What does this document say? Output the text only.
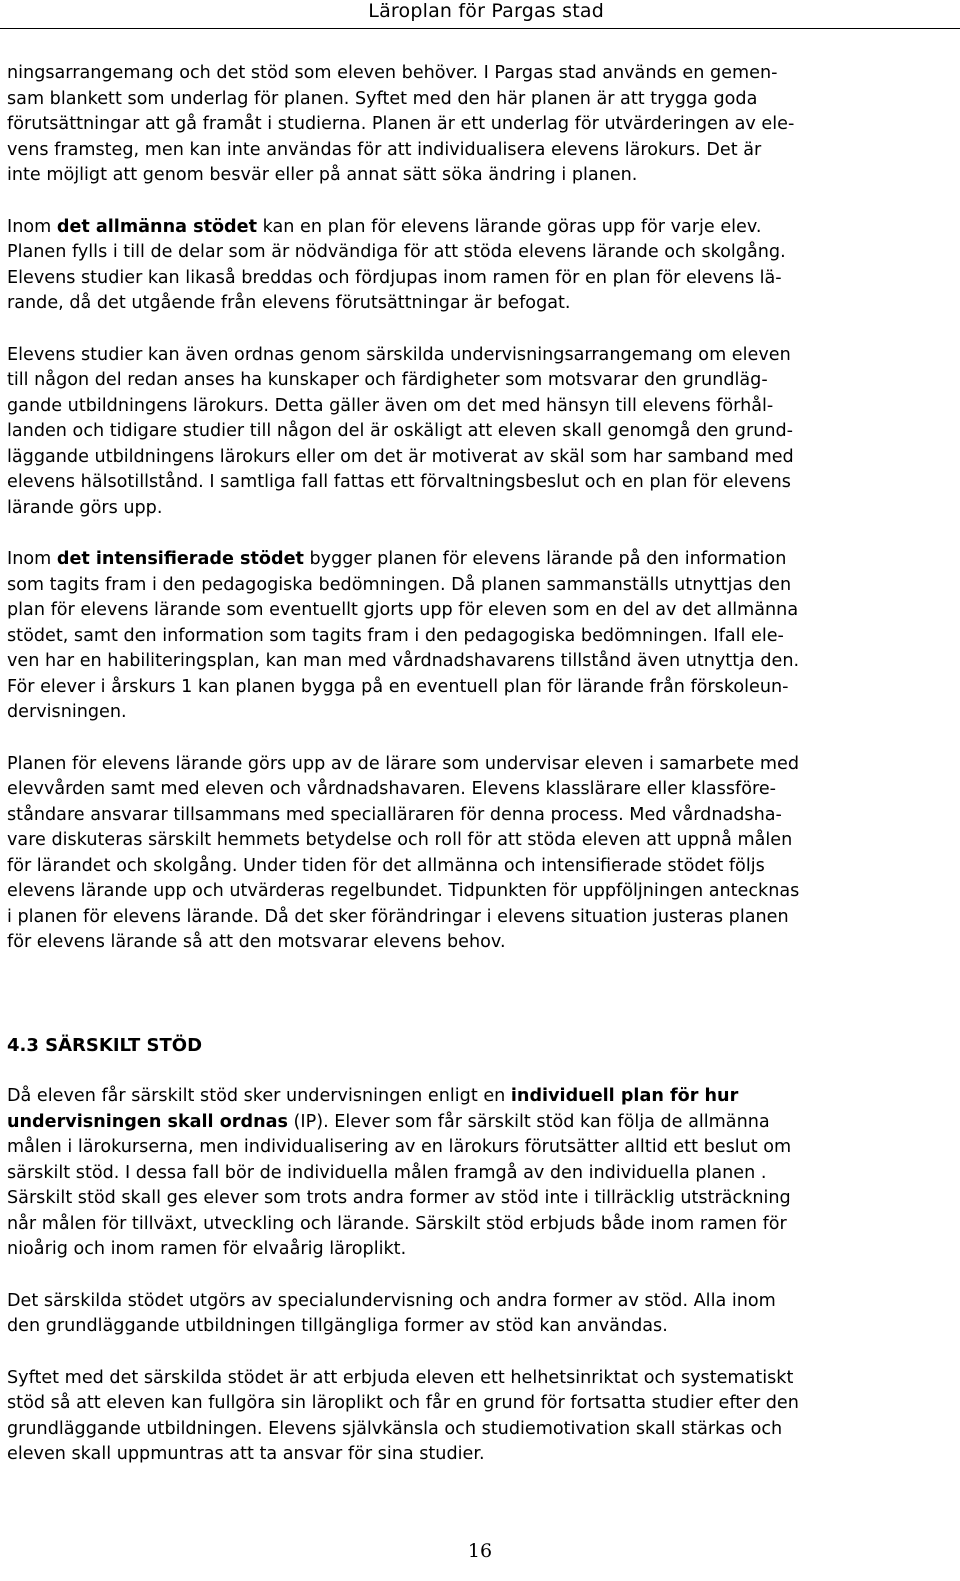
Läroplan för Pargas stad
ningsarrangemang och det stöd som eleven behöver. I Pargas stad används en gemen-
sam blankett som underlag för planen. Syftet med den här planen är att trygga goda
förutsättningar att gå framåt i studierna. Planen är ett underlag för utvärderingen av ele-
vens framsteg, men kan inte användas för att individualisera elevens lärokurs. Det är
inte möjligt att genom besvär eller på annat sätt söka ändring i planen.
Inom det allmänna stödet kan en plan för elevens lärande göras upp för varje elev.
Planen fylls i till de delar som är nödvändiga för att stöda elevens lärande och skolgång.
Elevens studier kan likaså breddas och fördjupas inom ramen för en plan för elevens lä-
rande, då det utgående från elevens förutsättningar är befogat.
Elevens studier kan även ordnas genom särskilda undervisningsarrangemang om eleven
till någon del redan anses ha kunskaper och färdigheter som motsvarar den grundläg-
gande utbildningens lärokurs. Detta gäller även om det med hänsyn till elevens förhål-
landen och tidigare studier till någon del är oskäligt att eleven skall genomgå den grund-
läggande utbildningens lärokurs eller om det är motiverat av skäl som har samband med
elevens hälsotillstånd. I samtliga fall fattas ett förvaltningsbeslut och en plan för elevens
lärande görs upp.
Inom det intensifierade stödet bygger planen för elevens lärande på den information
som tagits fram i den pedagogiska bedömningen. Då planen sammanställs utnyttjas den
plan för elevens lärande som eventuellt gjorts upp för eleven som en del av det allmänna
stödet, samt den information som tagits fram i den pedagogiska bedömningen. Ifall ele-
ven har en habiliteringsplan, kan man med vårdnadshavarens tillstånd även utnyttja den.
För elever i årskurs 1 kan planen bygga på en eventuell plan för lärande från förskoleun-
dervisningen.
Planen för elevens lärande görs upp av de lärare som undervisar eleven i samarbete med
elevvården samt med eleven och vårdnadshavaren. Elevens klasslärare eller klassföre-
ståndare ansvarar tillsammans med specialläraren för denna process. Med vårdnadsha-
vare diskuteras särskilt hemmets betydelse och roll för att stöda eleven att uppnå målen
för lärandet och skolgång. Under tiden för det allmänna och intensifierade stödet följs
elevens lärande upp och utvärderas regelbundet. Tidpunkten för uppföljningen antecknas
i planen för elevens lärande. Då det sker förändringar i elevens situation justeras planen
för elevens lärande så att den motsvarar elevens behov.
4.3 SÄRSKILT STÖD
Då eleven får särskilt stöd sker undervisningen enligt en individuell plan för hur
undervisningen skall ordnas (IP). Elever som får särskilt stöd kan följa de allmänna
målen i lärokurserna, men individualisering av en lärokurs förutsätter alltid ett beslut om
särskilt stöd. I dessa fall bör de individuella målen framgå av den individuella planen .
Särskilt stöd skall ges elever som trots andra former av stöd inte i tillräcklig utsträckning
når målen för tillväxt, utveckling och lärande. Särskilt stöd erbjuds både inom ramen för
nioårig och inom ramen för elvaårig läroplikt.
Det särskilda stödet utgörs av specialundervisning och andra former av stöd. Alla inom
den grundläggande utbildningen tillgängliga former av stöd kan användas.
Syftet med det särskilda stödet är att erbjuda eleven ett helhetsinriktat och systematiskt
stöd så att eleven kan fullgöra sin läroplikt och får en grund för fortsatta studier efter den
grundläggande utbildningen. Elevens självkänsla och studiemotivation skall stärkas och
eleven skall uppmuntras att ta ansvar för sina studier.
16
